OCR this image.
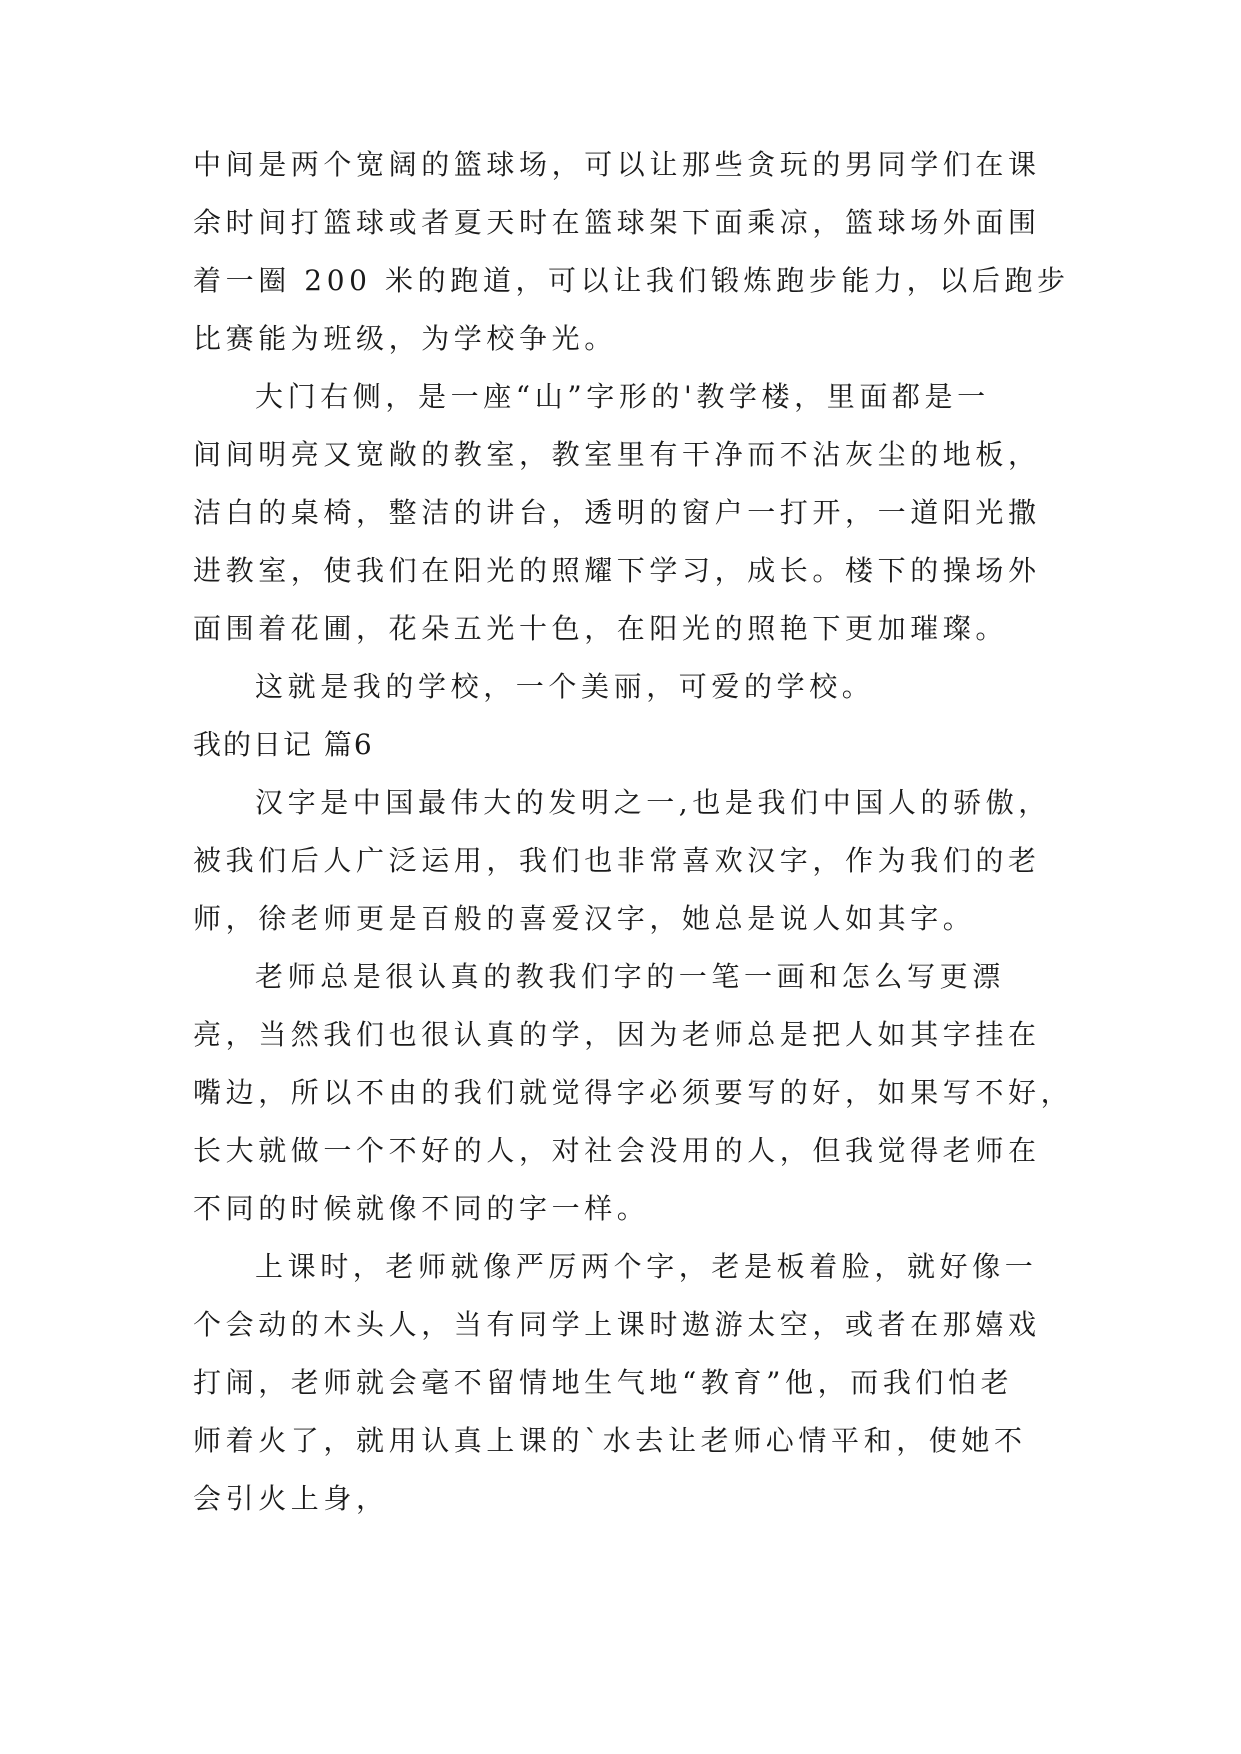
中间是两个宽阔的篮球场，可以让那些贪玩的男同学们在课
余时间打篮球或者夏天时在篮球架下面乘凉，篮球场外面围
着一圈 200 米的跑道，可以让我们锻炼跑步能力，以后跑步
比赛能为班级，为学校争光。
大门右侧，是一座“山”字形的'教学楼，里面都是一
间间明亮又宽敞的教室，教室里有干净而不沾灰尘的地板，
洁白的桌椅，整洁的讲台，透明的窗户一打开，一道阳光撒
进教室，使我们在阳光的照耀下学习，成长。楼下的操场外
面围着花圃，花朵五光十色，在阳光的照艳下更加璀璨。
这就是我的学校，一个美丽，可爱的学校。
我的日记 篇6
汉字是中国最伟大的发明之一,也是我们中国人的骄傲，
被我们后人广泛运用，我们也非常喜欢汉字，作为我们的老
师，徐老师更是百般的喜爱汉字，她总是说人如其字。
老师总是很认真的教我们字的一笔一画和怎么写更漂
亮，当然我们也很认真的学，因为老师总是把人如其字挂在
嘴边，所以不由的我们就觉得字必须要写的好，如果写不好，
长大就做一个不好的人，对社会没用的人，但我觉得老师在
不同的时候就像不同的字一样。
上课时，老师就像严厉两个字，老是板着脸，就好像一
个会动的木头人，当有同学上课时遨游太空，或者在那嬉戏
打闹，老师就会毫不留情地生气地“教育”他，而我们怕老
师着火了，就用认真上课的`水去让老师心情平和，使她不
会引火上身，
